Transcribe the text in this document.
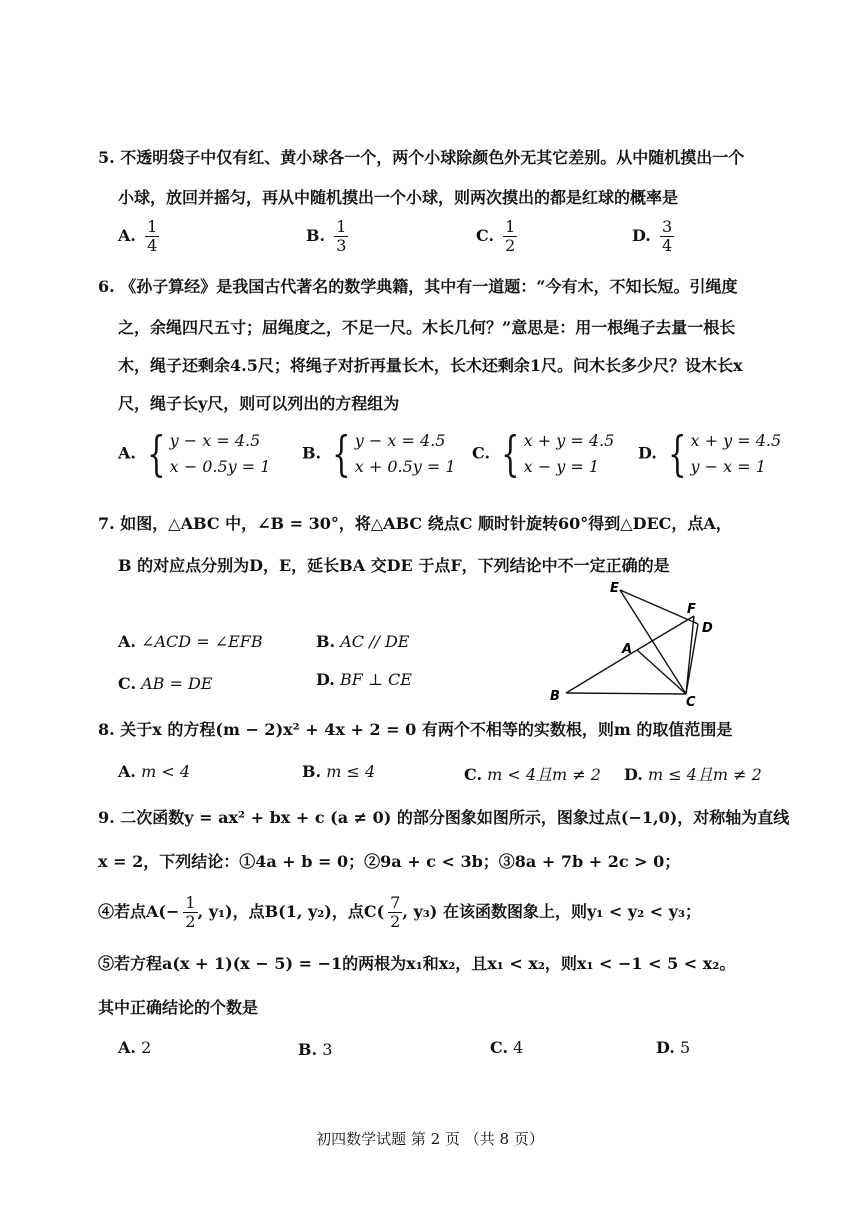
5. 不透明袋子中仅有红、黄小球各一个，两个小球除颜色外无其它差别。从中随机摸出一个
小球，放回并摇匀，再从中随机摸出一个小球，则两次摸出的都是红球的概率是
A. $\frac{1}{4}$	B. $\frac{1}{3}$	C. $\frac{1}{2}$	D. $\frac{3}{4}$
6. 《孙子算经》是我国古代著名的数学典籍，其中有一道题：“今有木，不知长短。引绳度
之，余绳四尺五寸；屈绳度之，不足一尺。木长几何？”意思是：用一根绳子去量一根长
木，绳子还剩余4.5尺；将绳子对折再量长木，长木还剩余1尺。问木长多少尺？设木长x
尺，绳子长y尺，则可以列出的方程组为
A. { y − x = 4.5
x − 0.5y = 1
B. { y − x = 4.5
x + 0.5y = 1
C. { x + y = 4.5
x − y = 1
D. { x + y = 4.5
y − x = 1
7. 如图，△ABC 中，∠B = 30°，将△ABC 绕点C 顺时针旋转60°得到△DEC，点A，
B 的对应点分别为D，E，延长BA 交DE 于点F，下列结论中不一定正确的是
A. ∠ACD = ∠EFB	B. AC // DE
C. AB = DE	D. BF ⊥ CE
E
F
D
A
B	C
8. 关于x 的方程(m − 2)x² + 4x + 2 = 0 有两个不相等的实数根，则m 的取值范围是
A. m < 4	B. m ≤ 4	C. m < 4且m ≠ 2 D. m ≤ 4且m ≠ 2
9. 二次函数y = ax² + bx + c (a ≠ 0) 的部分图象如图所示，图象过点(−1,0)，对称轴为直线
x = 2，下列结论：①4a + b = 0；②9a + c < 3b；③8a + 7b + 2c > 0；
④若点$A(- \frac{1}{2}$ , y₁)，点B(1, y₂)，点$C( \frac{7}{2}$ , y₃) 在该函数图象上，则y₁ < y₂ < y₃；
⑤若方程a(x + 1)(x − 5) = −1的两根为x₁和x₂，且x₁ < x₂，则x₁ < −1 < 5 < x₂。
其中正确结论的个数是
A. 2	B. 3	C. 4	D. 5
初四数学试题 第 2 页 （共 8 页）
